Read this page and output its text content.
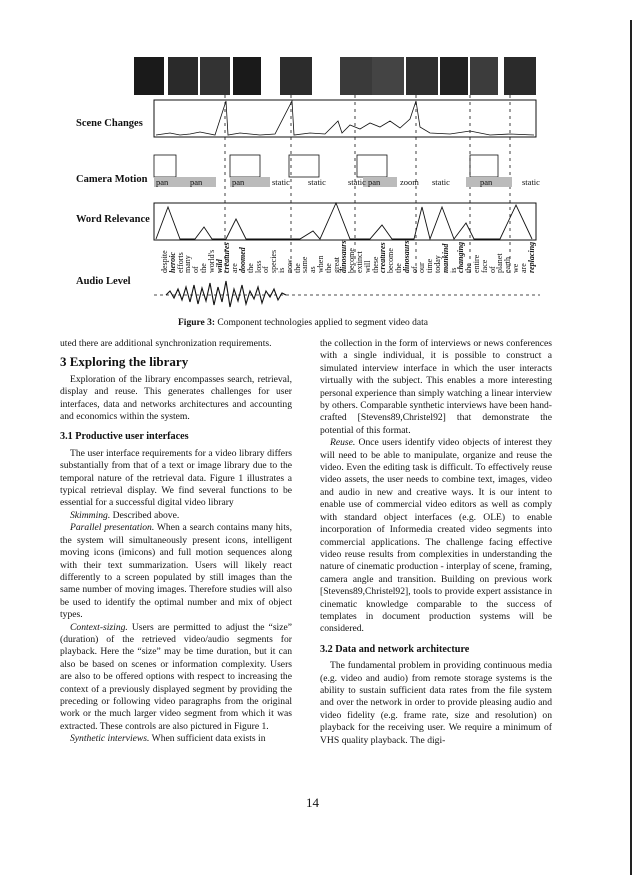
Scene Changes
Camera Motion
Word Relevance
Audio Level
pan	pan	pan	static static	static pan zoom static	pan	static
despite
heroic
efforts
many
of
the
world's
wild
creatures
are
doomed
the
loss
of
species
is
now
the
same
as
when
the
great
dinosaurs
become
extinct
will
these
creatures
become
the
dinosaurs
of
our
time
today
mankind
is
changing
the
entire
face
of
planet
earth
we
are
replacing
Figure 3: Component technologies applied to segment video data

uted there are additional synchronization requirements.

3 Exploring the library

Exploration of the library encompasses search, retrieval, display and reuse. This generates challenges for user interfaces, data and networks architectures and accounting and economics within the system.

3.1 Productive user interfaces

The user interface requirements for a video library differs substantially from that of a text or image library due to the temporal nature of the retrieval data. Figure 1 illustrates a typical retrieval display. We find several functions to be essential for a successful digital video library

Skimming. Described above.

Parallel presentation. When a search contains many hits, the system will simultaneously present icons, intelligent moving icons (imicons) and full motion sequences along with their text summarization. Users will likely react differently to a screen populated by still images than the same number of moving images. Therefore studies will also be used to identify the optimal number and mix of object types.

Context-sizing. Users are permitted to adjust the “size” (duration) of the retrieved video/audio segments for playback. Here the “size” may be time duration, but it can also be based on scenes or information complexity. Users are also to be offered options with respect to increasing the context of a previously displayed segment by providing the preceding or following video paragraphs from the original work or the much larger video segment from which it was extracted. These controls are also pictured in Figure 1.

Synthetic interviews. When sufficient data exists in

the collection in the form of interviews or news conferences with a single individual, it is possible to construct a simulated interview interface in which the user interacts virtually with the subject. This enables a more interesting personal experience than simply watching a linear interview by others. Comparable synthetic interviews have been hand-crafted [Stevens89,Christel92] that demonstrate the potential of this format.

Reuse. Once users identify video objects of interest they will need to be able to manipulate, organize and reuse the video. Even the editing task is difficult. To effectively reuse video assets, the user needs to combine text, images, video and audio in new and creative ways. It is our intent to enable use of commercial video editors as well as comply with standard object interfaces (e.g. OLE) to enable incorporation of Informedia created video segments into commercial applications. The challenge facing effective video reuse results from complexities in understanding the nature of cinematic production - interplay of scene, framing, camera angle and transition. Building on previous work [Stevens89,Christel92], tools to provide expert assistance in cinematic knowledge comparable to the success of templates in document production systems will be considered.

3.2 Data and network architecture

The fundamental problem in providing continuous media (e.g. video and audio) from remote storage systems is the ability to sustain sufficient data rates from the file system and over the network in order to provide pleasing audio and video fidelity (e.g. frame rate, size and resolution) on playback for the receiving user. We require a minimum of VHS quality playback. The digi-

14
